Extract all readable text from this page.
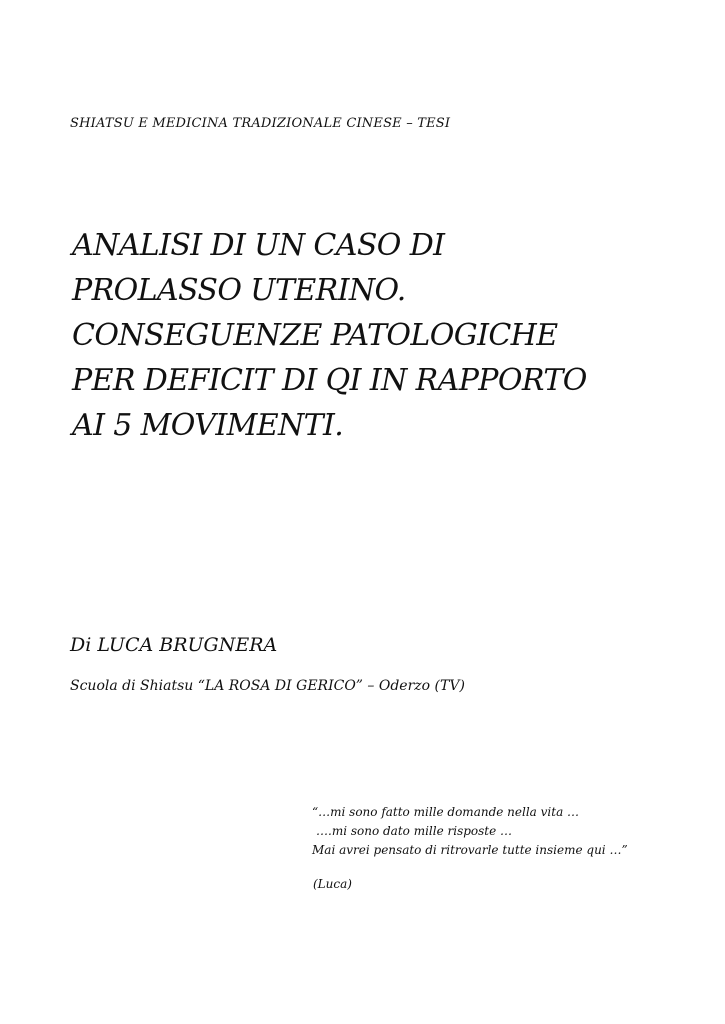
SHIATSU E MEDICINA TRADIZIONALE CINESE – TESI
ANALISI DI UN CASO DI
PROLASSO UTERINO.
CONSEGUENZE PATOLOGICHE
PER DEFICIT DI QI IN RAPPORTO
AI 5 MOVIMENTI.
Di LUCA BRUGNERA
Scuola di Shiatsu “LA ROSA DI GERICO” – Oderzo (TV)
“…mi sono fatto mille domande nella vita …
….mi sono dato mille risposte …
Mai avrei pensato di ritrovarle tutte insieme qui …”
(Luca)
